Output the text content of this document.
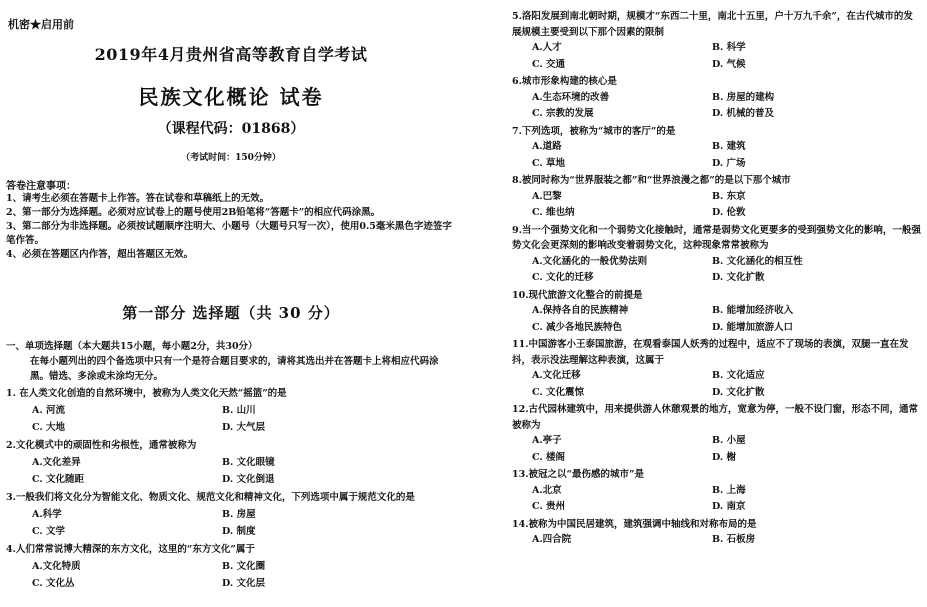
机密★启用前
2019年4月贵州省高等教育自学考试
民族文化概论 试卷
（课程代码：01868）
（考试时间：150分钟）
答卷注意事项：
1、请考生必须在答题卡上作答。答在试卷和草稿纸上的无效。
2、第一部分为选择题。必须对应试卷上的题号使用2B铅笔将“答题卡”的相应代码涂黑。
3、第二部分为非选择题。必须按试题顺序注明大、小题号（大题号只写一次），使用0.5毫米黑色字迹签字笔作答。
4、必须在答题区内作答，超出答题区无效。
第一部分 选择题（共 30 分）
一、单项选择题（本大题共15小题，每小题2分，共30分）
在每小题列出的四个备选项中只有一个是符合题目要求的，请将其选出并在答题卡上将相应代码涂黑。错选、多涂或未涂均无分。
1. 在人类文化创造的自然环境中，被称为人类文化天然“摇篮”的是
A. 河流	B. 山川
C. 大地	D. 大气层
2.文化模式中的顽固性和劣根性，通常被称为
A.文化差异	B. 文化眼镜
C. 文化随距	D. 文化倒退
3.一般我们将文化分为智能文化、物质文化、规范文化和精神文化，下列选项中属于规范文化的是
A.科学	B. 房屋
C. 文学	D. 制度
4.人们常常说博大精深的东方文化，这里的“东方文化”属于
A.文化特质	B. 文化圈
C. 文化丛	D. 文化层
5.洛阳发展到南北朝时期，规模才“东西二十里，南北十五里，户十万九千余”，在古代城市的发展规模主要受到以下那个因素的限制
A.人才	B. 科学
C. 交通	D. 气候
6.城市形象构建的核心是
A.生态环境的改善	B. 房屋的建构
C. 宗教的发展	D. 机械的普及
7.下列选项，被称为“城市的客厅”的是
A.道路	B. 建筑
C. 草地	D. 广场
8.被同时称为“世界服装之都”和“世界浪漫之都”的是以下那个城市
A.巴黎	B. 东京
C. 维也纳	D. 伦敦
9.当一个强势文化和一个弱势文化接触时，通常是弱势文化更要多的受到强势文化的影响，一般强势文化会更深刻的影响改变着弱势文化，这种现象常常被称为
A.文化涵化的一般优势法则	B. 文化涵化的相互性
C. 文化的迁移	D. 文化扩散
10.现代旅游文化整合的前提是
A.保持各自的民族精神	B. 能增加经济收入
C. 减少各地民族特色	D. 能增加旅游人口
11.中国游客小王泰国旅游，在观看泰国人妖秀的过程中，适应不了现场的表演，双腿一直在发抖，表示没法理解这种表演，这属于
A.文化迁移	B. 文化适应
C. 文化震惊	D. 文化扩散
12.古代园林建筑中，用来提供游人休憩观景的地方，宽意为停，一般不设门窗，形态不同，通常被称为
A.亭子	B. 小屋
C. 楼阁	D. 榭
13.被冠之以“最伤感的城市”是
A.北京	B. 上海
C. 贵州	D. 南京
14.被称为中国民居建筑，建筑强调中轴线和对称布局的是
A.四合院	B. 石板房
